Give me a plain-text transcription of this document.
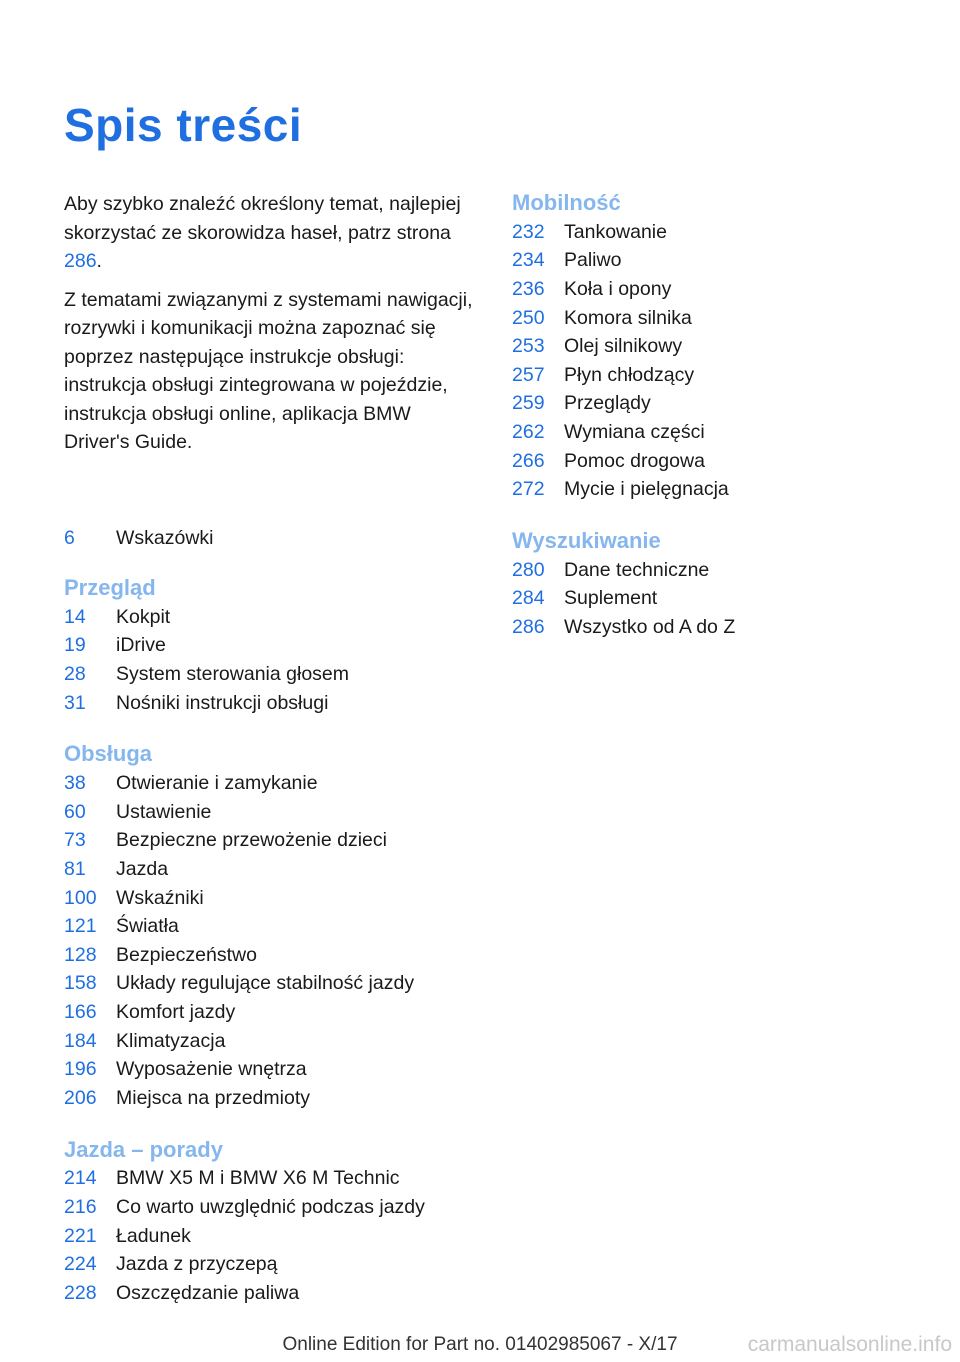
Spis treści

Aby szybko znaleźć określony temat, najlepiej skorzystać ze skorowidza haseł, patrz strona 286.

Z tematami związanymi z systemami nawigacji, rozrywki i komunikacji można zapoznać się poprzez następujące instrukcje obsługi: instrukcja obsługi zintegrowana w pojeździe, instrukcja obsługi online, aplikacja BMW Driver's Guide.

6	Wskazówki
Przegląd
14	Kokpit
19	iDrive
28	System sterowania głosem
31	Nośniki instrukcji obsługi
Obsługa
38	Otwieranie i zamykanie
60	Ustawienie
73	Bezpieczne przewożenie dzieci
81	Jazda
100 Wskaźniki
121 Światła
128 Bezpieczeństwo
158 Układy regulujące stabilność jazdy
166 Komfort jazdy
184 Klimatyzacja
196 Wyposażenie wnętrza
206 Miejsca na przedmioty
Jazda – porady
214 BMW X5 M i BMW X6 M Technic
216 Co warto uwzględnić podczas jazdy
221 Ładunek
224 Jazda z przyczepą
228 Oszczędzanie paliwa
Mobilność
232 Tankowanie
234 Paliwo
236 Koła i opony
250 Komora silnika
253 Olej silnikowy
257 Płyn chłodzący
259 Przeglądy
262 Wymiana części
266 Pomoc drogowa
272 Mycie i pielęgnacja
Wyszukiwanie
280 Dane techniczne
284 Suplement
286 Wszystko od A do Z
Online Edition for Part no. 01402985067 - X/17	carmanualsonline.info
